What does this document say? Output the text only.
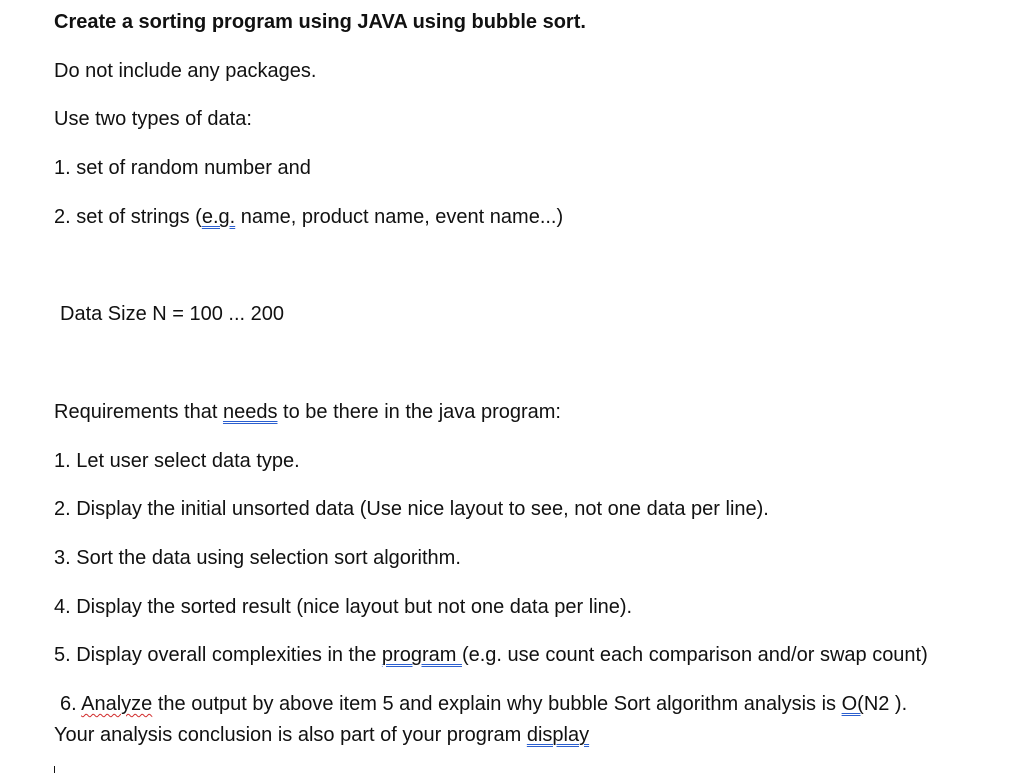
Create a sorting program using JAVA using bubble sort.
Do not include any packages.
Use two types of data:
1. set of random number and
2. set of strings (e.g. name, product name, event name...)
Data Size N = 100 ... 200
Requirements that needs to be there in the java program:
1. Let user select data type.
2. Display the initial unsorted data (Use nice layout to see, not one data per line).
3. Sort the data using selection sort algorithm.
4. Display the sorted result (nice layout but not one data per line).
5. Display overall complexities in the program (e.g. use count each comparison and/or swap count)
6. Analyze the output by above item 5 and explain why bubble Sort algorithm analysis is O(N2 ).
Your analysis conclusion is also part of your program display
